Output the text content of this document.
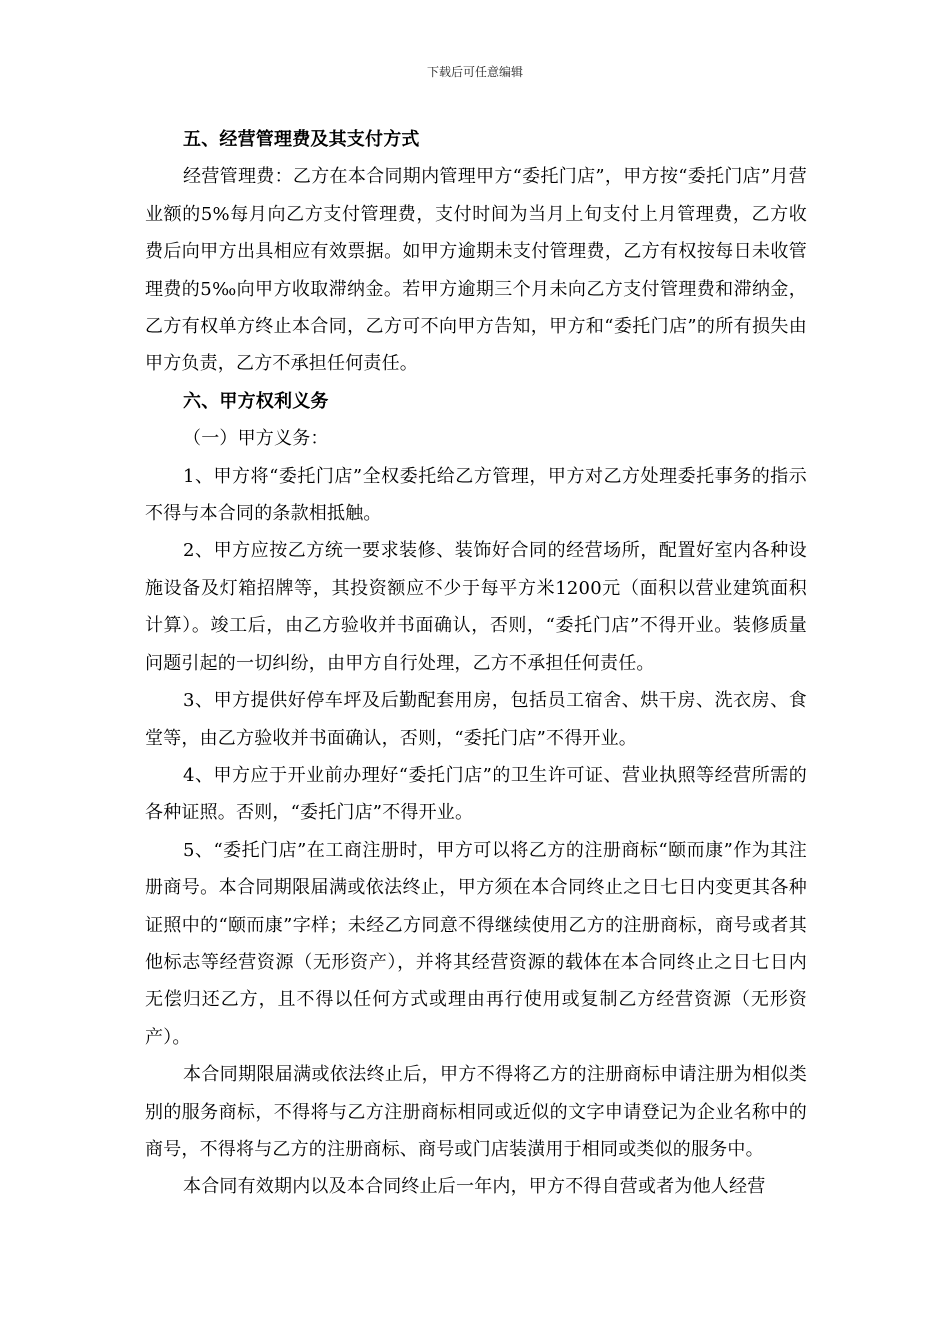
下载后可任意编辑

五、经营管理费及其支付方式

经营管理费：乙方在本合同期内管理甲方“委托门店”，甲方按“委托门店”月营业额的5%每月向乙方支付管理费，支付时间为当月上旬支付上月管理费，乙方收费后向甲方出具相应有效票据。如甲方逾期未支付管理费，乙方有权按每日未收管理费的5‰向甲方收取滞纳金。若甲方逾期三个月未向乙方支付管理费和滞纳金，乙方有权单方终止本合同，乙方可不向甲方告知，甲方和“委托门店”的所有损失由甲方负责，乙方不承担任何责任。

六、甲方权利义务

（一）甲方义务：

1、甲方将“委托门店”全权委托给乙方管理，甲方对乙方处理委托事务的指示不得与本合同的条款相抵触。

2、甲方应按乙方统一要求装修、装饰好合同的经营场所，配置好室内各种设施设备及灯箱招牌等，其投资额应不少于每平方米1200元（面积以营业建筑面积计算）。竣工后，由乙方验收并书面确认，否则，“委托门店”不得开业。装修质量问题引起的一切纠纷，由甲方自行处理，乙方不承担任何责任。

3、甲方提供好停车坪及后勤配套用房，包括员工宿舍、烘干房、洗衣房、食堂等，由乙方验收并书面确认，否则，“委托门店”不得开业。

4、甲方应于开业前办理好“委托门店”的卫生许可证、营业执照等经营所需的各种证照。否则，“委托门店”不得开业。

5、“委托门店”在工商注册时，甲方可以将乙方的注册商标“颐而康”作为其注册商号。本合同期限届满或依法终止，甲方须在本合同终止之日七日内变更其各种证照中的“颐而康”字样；未经乙方同意不得继续使用乙方的注册商标，商号或者其他标志等经营资源（无形资产），并将其经营资源的载体在本合同终止之日七日内无偿归还乙方，且不得以任何方式或理由再行使用或复制乙方经营资源（无形资产）。

本合同期限届满或依法终止后，甲方不得将乙方的注册商标申请注册为相似类别的服务商标，不得将与乙方注册商标相同或近似的文字申请登记为企业名称中的商号，不得将与乙方的注册商标、商号或门店装潢用于相同或类似的服务中。

本合同有效期内以及本合同终止后一年内，甲方不得自营或者为他人经营
